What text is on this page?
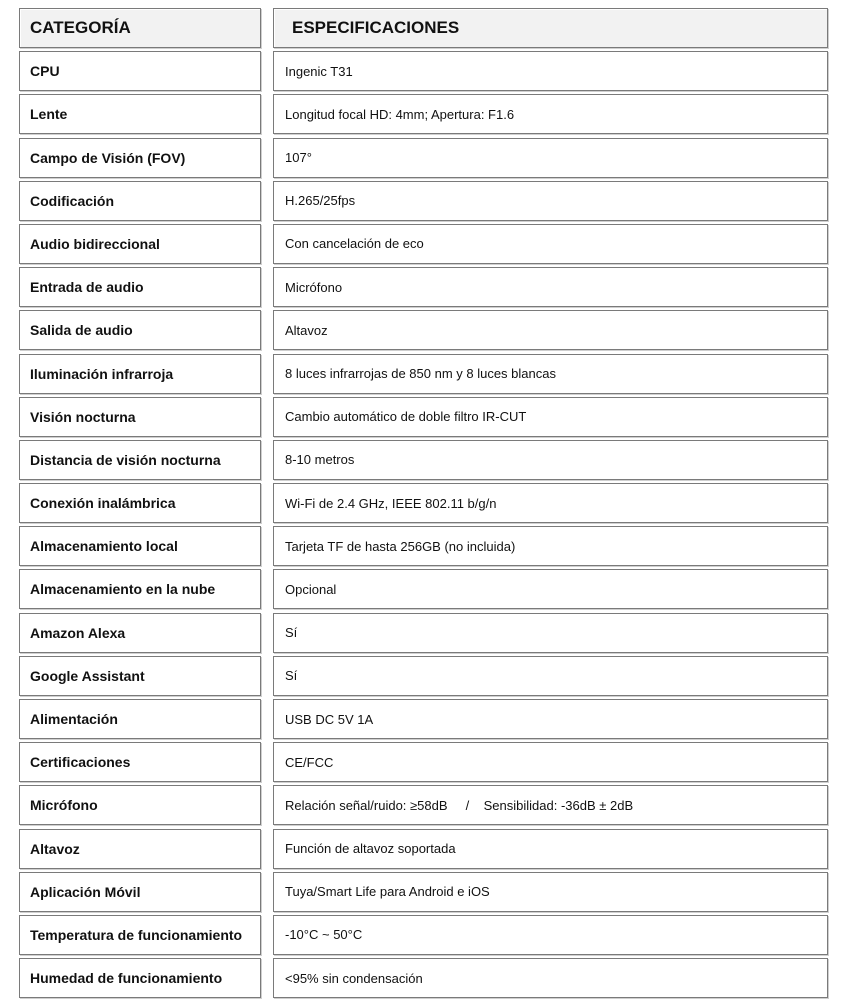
CATEGORÍA	ESPECIFICACIONES
CPU	Ingenic T31
Lente	Longitud focal HD: 4mm; Apertura: F1.6
Campo de Visión (FOV)	107°
Codificación	H.265/25fps
Audio bidireccional	Con cancelación de eco
Entrada de audio	Micrófono
Salida de audio	Altavoz
Iluminación infrarroja	8 luces infrarrojas de 850 nm y 8 luces blancas
Visión nocturna	Cambio automático de doble filtro IR-CUT
Distancia de visión nocturna	8-10 metros
Conexión inalámbrica	Wi-Fi de 2.4 GHz, IEEE 802.11 b/g/n
Almacenamiento local	Tarjeta TF de hasta 256GB (no incluida)
Almacenamiento en la nube	Opcional
Amazon Alexa	Sí
Google Assistant	Sí
Alimentación	USB DC 5V 1A
Certificaciones	CE/FCC
Micrófono	Relación señal/ruido: ≥58dB     /    Sensibilidad: -36dB ± 2dB
Altavoz	Función de altavoz soportada
Aplicación Móvil	Tuya/Smart Life para Android e iOS
Temperatura de funcionamiento	-10°C ~ 50°C
Humedad de funcionamiento	<95% sin condensación
